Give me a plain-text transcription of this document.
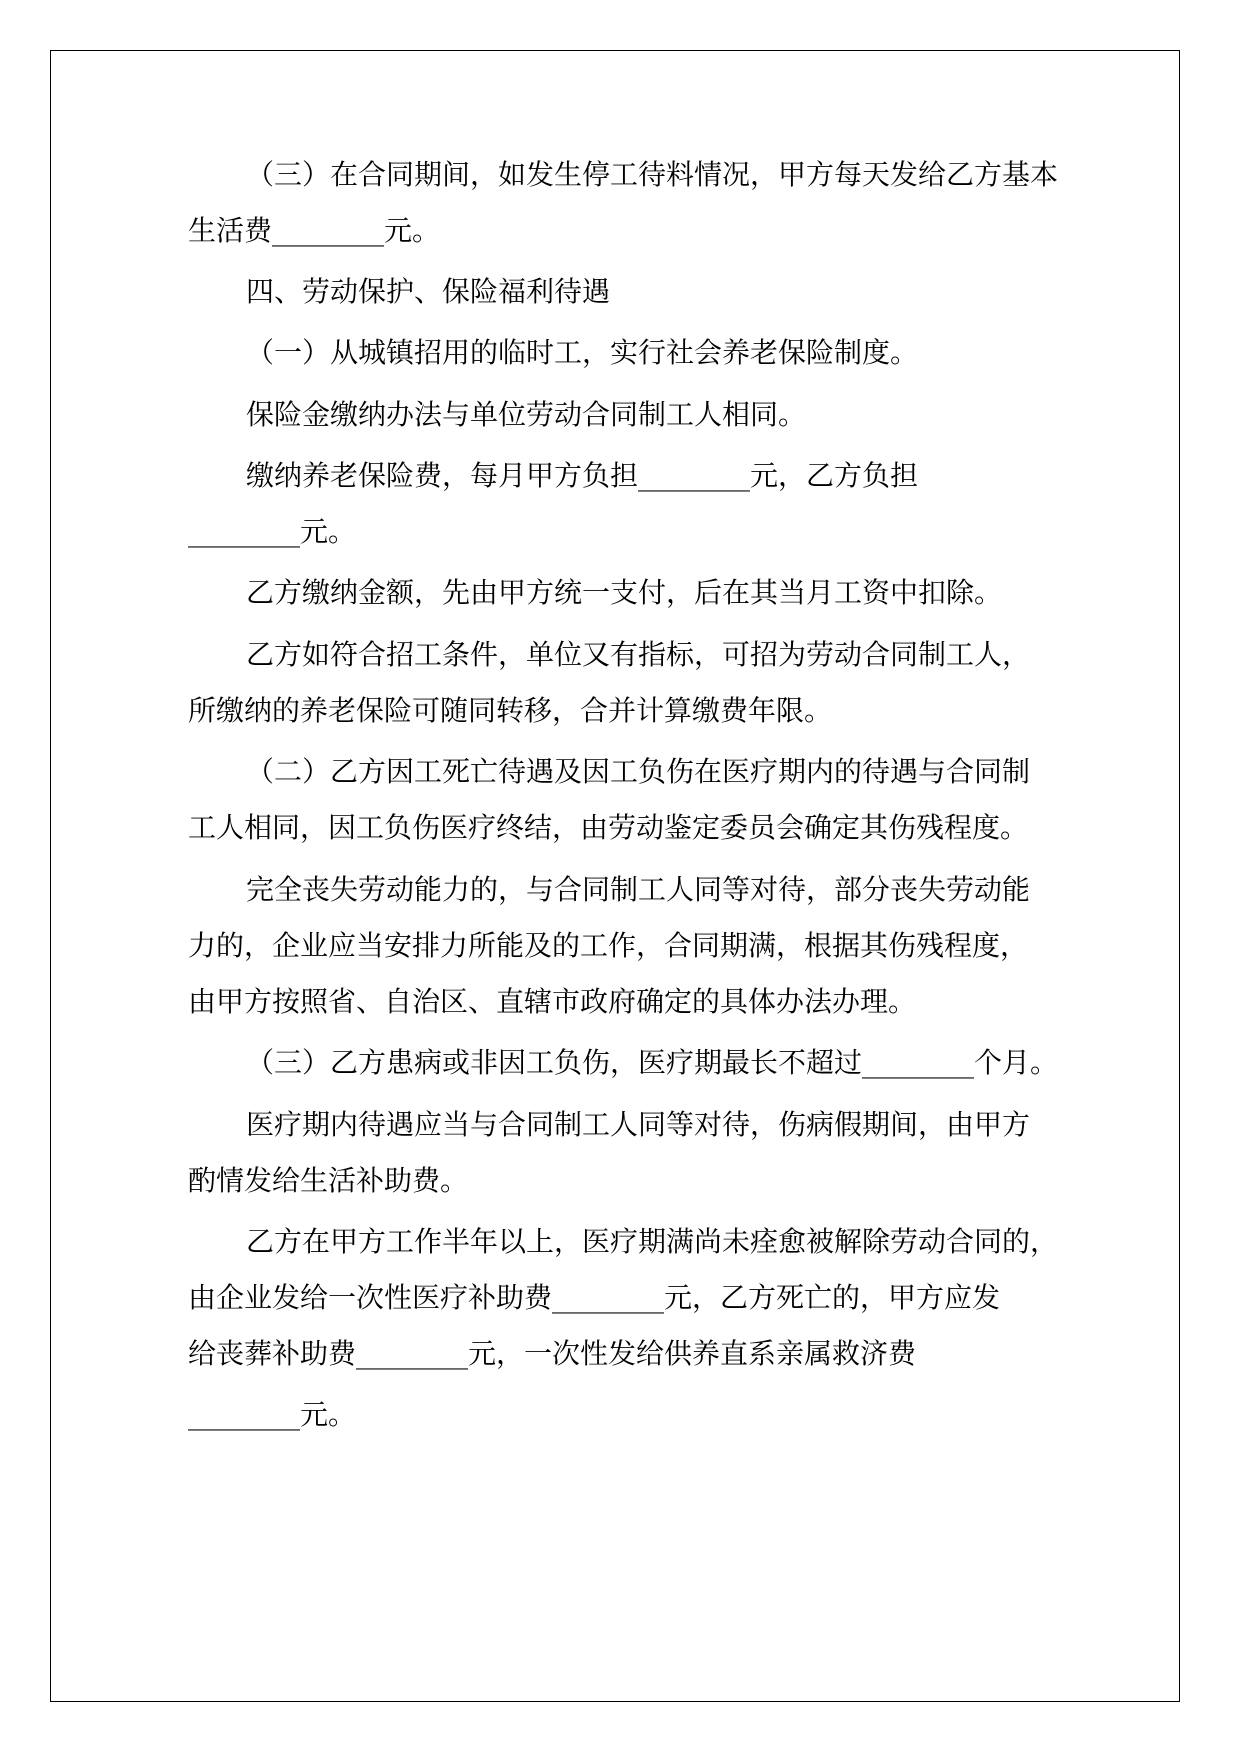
（三）在合同期间，如发生停工待料情况，甲方每天发给乙方基本
生活费________元。
四、劳动保护、保险福利待遇
（一）从城镇招用的临时工，实行社会养老保险制度。
保险金缴纳办法与单位劳动合同制工人相同。
缴纳养老保险费，每月甲方负担________元，乙方负担
________元。
乙方缴纳金额，先由甲方统一支付，后在其当月工资中扣除。
乙方如符合招工条件，单位又有指标，可招为劳动合同制工人，
所缴纳的养老保险可随同转移，合并计算缴费年限。
（二）乙方因工死亡待遇及因工负伤在医疗期内的待遇与合同制
工人相同，因工负伤医疗终结，由劳动鉴定委员会确定其伤残程度。
完全丧失劳动能力的，与合同制工人同等对待，部分丧失劳动能
力的，企业应当安排力所能及的工作，合同期满，根据其伤残程度，
由甲方按照省、自治区、直辖市政府确定的具体办法办理。
（三）乙方患病或非因工负伤，医疗期最长不超过________个月。
医疗期内待遇应当与合同制工人同等对待，伤病假期间，由甲方
酌情发给生活补助费。
乙方在甲方工作半年以上，医疗期满尚未痊愈被解除劳动合同的，
由企业发给一次性医疗补助费________元，乙方死亡的，甲方应发
给丧葬补助费________元，一次性发给供养直系亲属救济费
________元。
